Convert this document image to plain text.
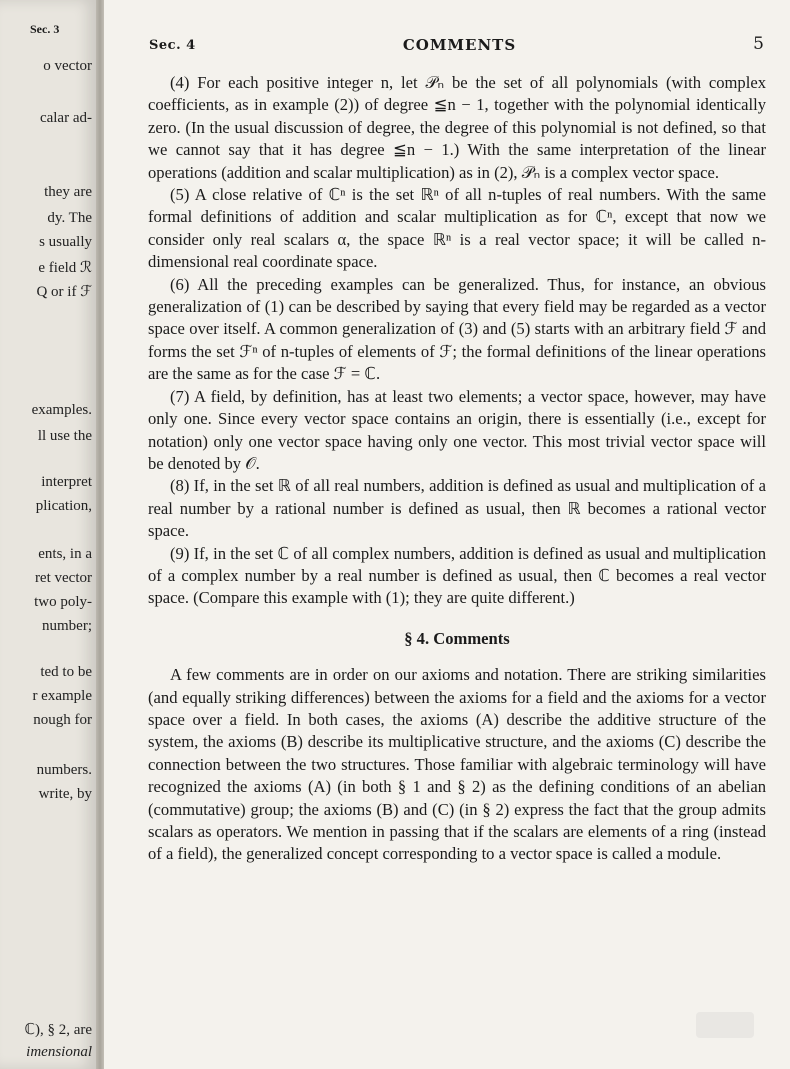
Sec. 3
o vector
calar ad-
they are
dy. The
s usually
e field ℛ
Q or if ℱ
examples.
ll use the
interpret
plication,
ents, in a
ret vector
two poly-
number;
ted to be
r example
nough for
numbers.
write, by
ℂ), § 2, are
imensional
Sec. 4	COMMENTS	5

(4) For each positive integer n, let 𝒫ₙ be the set of all polynomials (with complex coefficients, as in example (2)) of degree ≦n − 1, together with the polynomial identically zero. (In the usual discussion of degree, the degree of this polynomial is not defined, so that we cannot say that it has degree ≦n − 1.) With the same interpretation of the linear operations (addition and scalar multiplication) as in (2), 𝒫ₙ is a complex vector space.

(5) A close relative of ℂⁿ is the set ℝⁿ of all n-tuples of real numbers. With the same formal definitions of addition and scalar multiplication as for ℂⁿ, except that now we consider only real scalars α, the space ℝⁿ is a real vector space; it will be called n-dimensional real coordinate space.

(6) All the preceding examples can be generalized. Thus, for instance, an obvious generalization of (1) can be described by saying that every field may be regarded as a vector space over itself. A common generalization of (3) and (5) starts with an arbitrary field ℱ and forms the set ℱⁿ of n-tuples of elements of ℱ; the formal definitions of the linear operations are the same as for the case ℱ = ℂ.

(7) A field, by definition, has at least two elements; a vector space, however, may have only one. Since every vector space contains an origin, there is essentially (i.e., except for notation) only one vector space having only one vector. This most trivial vector space will be denoted by 𝒪.

(8) If, in the set ℝ of all real numbers, addition is defined as usual and multiplication of a real number by a rational number is defined as usual, then ℝ becomes a rational vector space.

(9) If, in the set ℂ of all complex numbers, addition is defined as usual and multiplication of a complex number by a real number is defined as usual, then ℂ becomes a real vector space. (Compare this example with (1); they are quite different.)

§ 4. Comments

A few comments are in order on our axioms and notation. There are striking similarities (and equally striking differences) between the axioms for a field and the axioms for a vector space over a field. In both cases, the axioms (A) describe the additive structure of the system, the axioms (B) describe its multiplicative structure, and the axioms (C) describe the connection between the two structures. Those familiar with algebraic terminology will have recognized the axioms (A) (in both § 1 and § 2) as the defining conditions of an abelian (commutative) group; the axioms (B) and (C) (in § 2) express the fact that the group admits scalars as operators. We mention in passing that if the scalars are elements of a ring (instead of a field), the generalized concept corresponding to a vector space is called a module.
